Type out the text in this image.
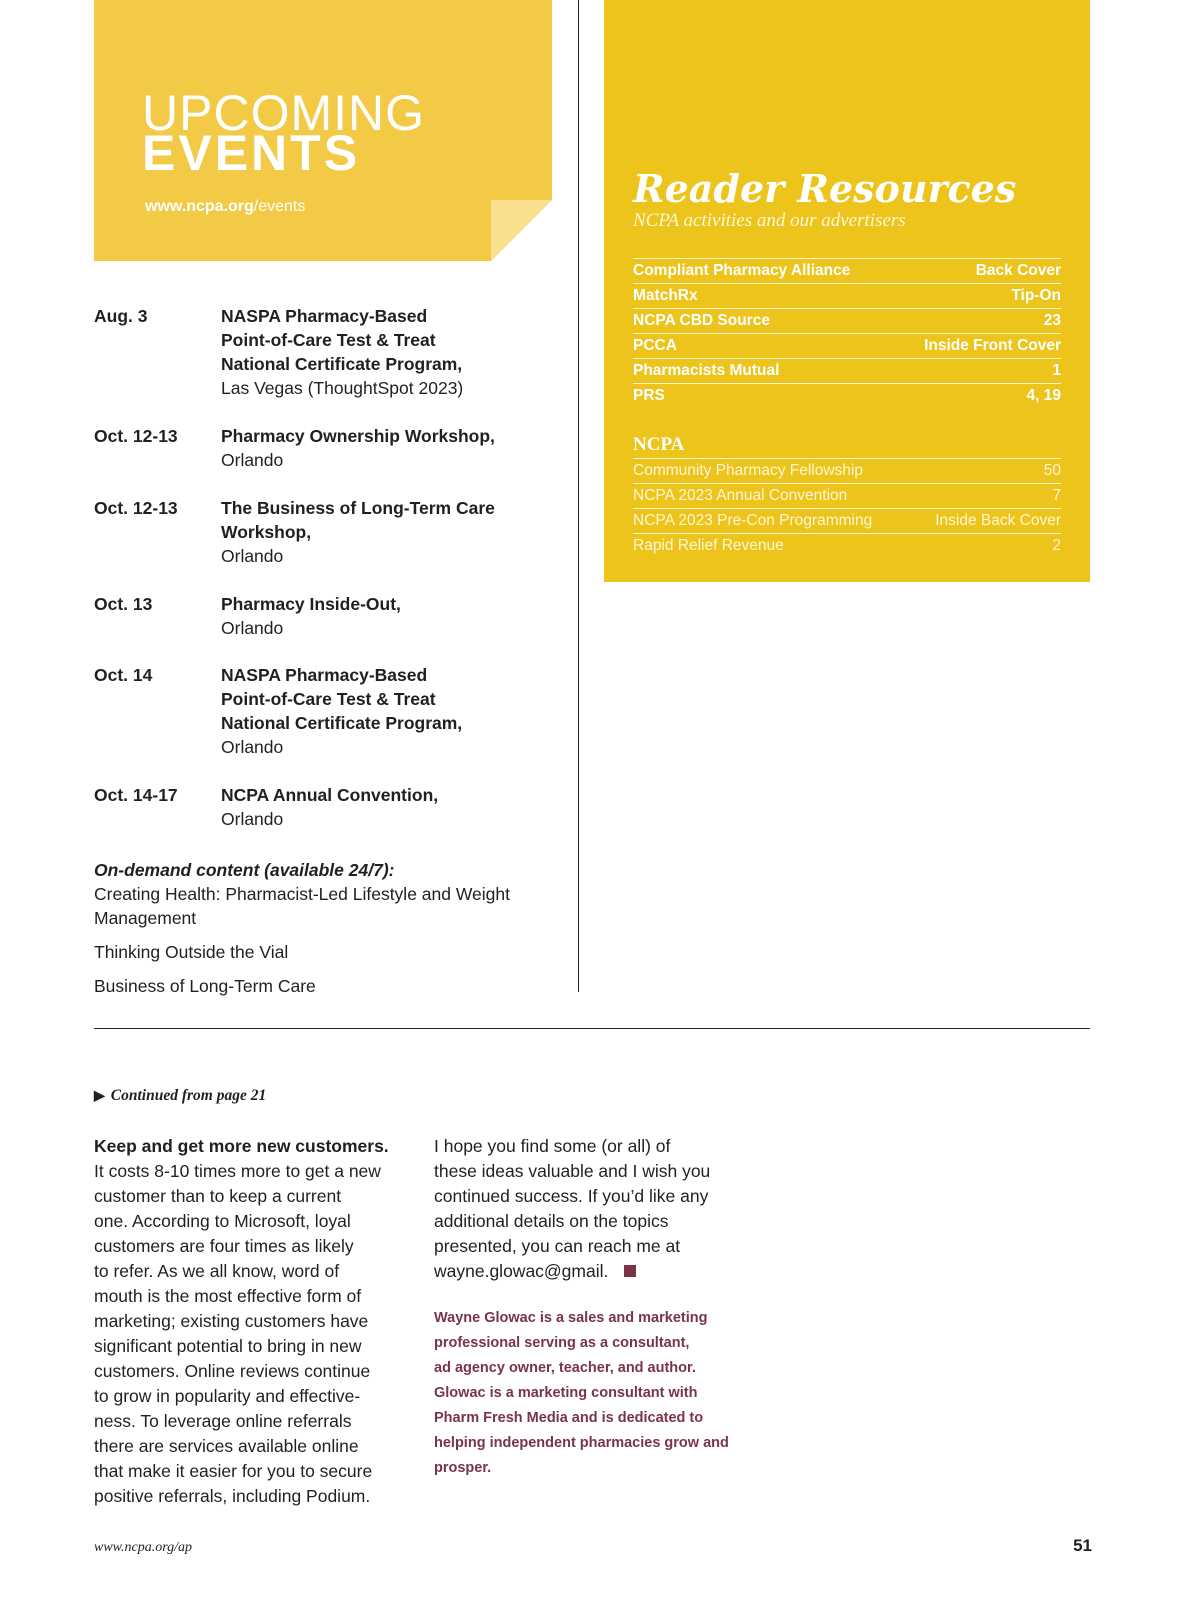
UPCOMING
EVENTS
www.ncpa.org/events
Aug. 3	NASPA Pharmacy-Based
Point-of-Care Test & Treat
National Certificate Program,
Las Vegas (ThoughtSpot 2023)
Oct. 12-13 Pharmacy Ownership Workshop,
Orlando
Oct. 12-13 The Business of Long-Term Care
Workshop,
Orlando
Oct. 13	Pharmacy Inside-Out,
Orlando
Oct. 14	NASPA Pharmacy-Based
Point-of-Care Test & Treat
National Certificate Program,
Orlando
Oct. 14-17 NCPA Annual Convention,
Orlando
On-demand content (available 24/7):
Creating Health: Pharmacist-Led Lifestyle and Weight Management
Thinking Outside the Vial
Business of Long-Term Care
Reader Resources
NCPA activities and our advertisers
Compliant Pharmacy Alliance	Back Cover
MatchRx	Tip-On
NCPA CBD Source	23
PCCA	Inside Front Cover
Pharmacists Mutual	1
PRS	4, 19
NCPA
Community Pharmacy Fellowship	50
NCPA 2023 Annual Convention	7
NCPA 2023 Pre-Con Programming	Inside Back Cover
Rapid Relief Revenue	2
▶ Continued from page 21
Keep and get more new customers.
It costs 8-10 times more to get a new
customer than to keep a current
one. According to Microsoft, loyal
customers are four times as likely
to refer. As we all know, word of
mouth is the most effective form of
marketing; existing customers have
significant potential to bring in new
customers. Online reviews continue
to grow in popularity and effective-
ness. To leverage online referrals
there are services available online
that make it easier for you to secure
positive referrals, including Podium.
I hope you find some (or all) of
these ideas valuable and I wish you
continued success. If you’d like any
additional details on the topics
presented, you can reach me at
wayne.glowac@gmail.
Wayne Glowac is a sales and marketing
professional serving as a consultant,
ad agency owner, teacher, and author.
Glowac is a marketing consultant with
Pharm Fresh Media and is dedicated to
helping independent pharmacies grow and
prosper.
www.ncpa.org/ap	51
